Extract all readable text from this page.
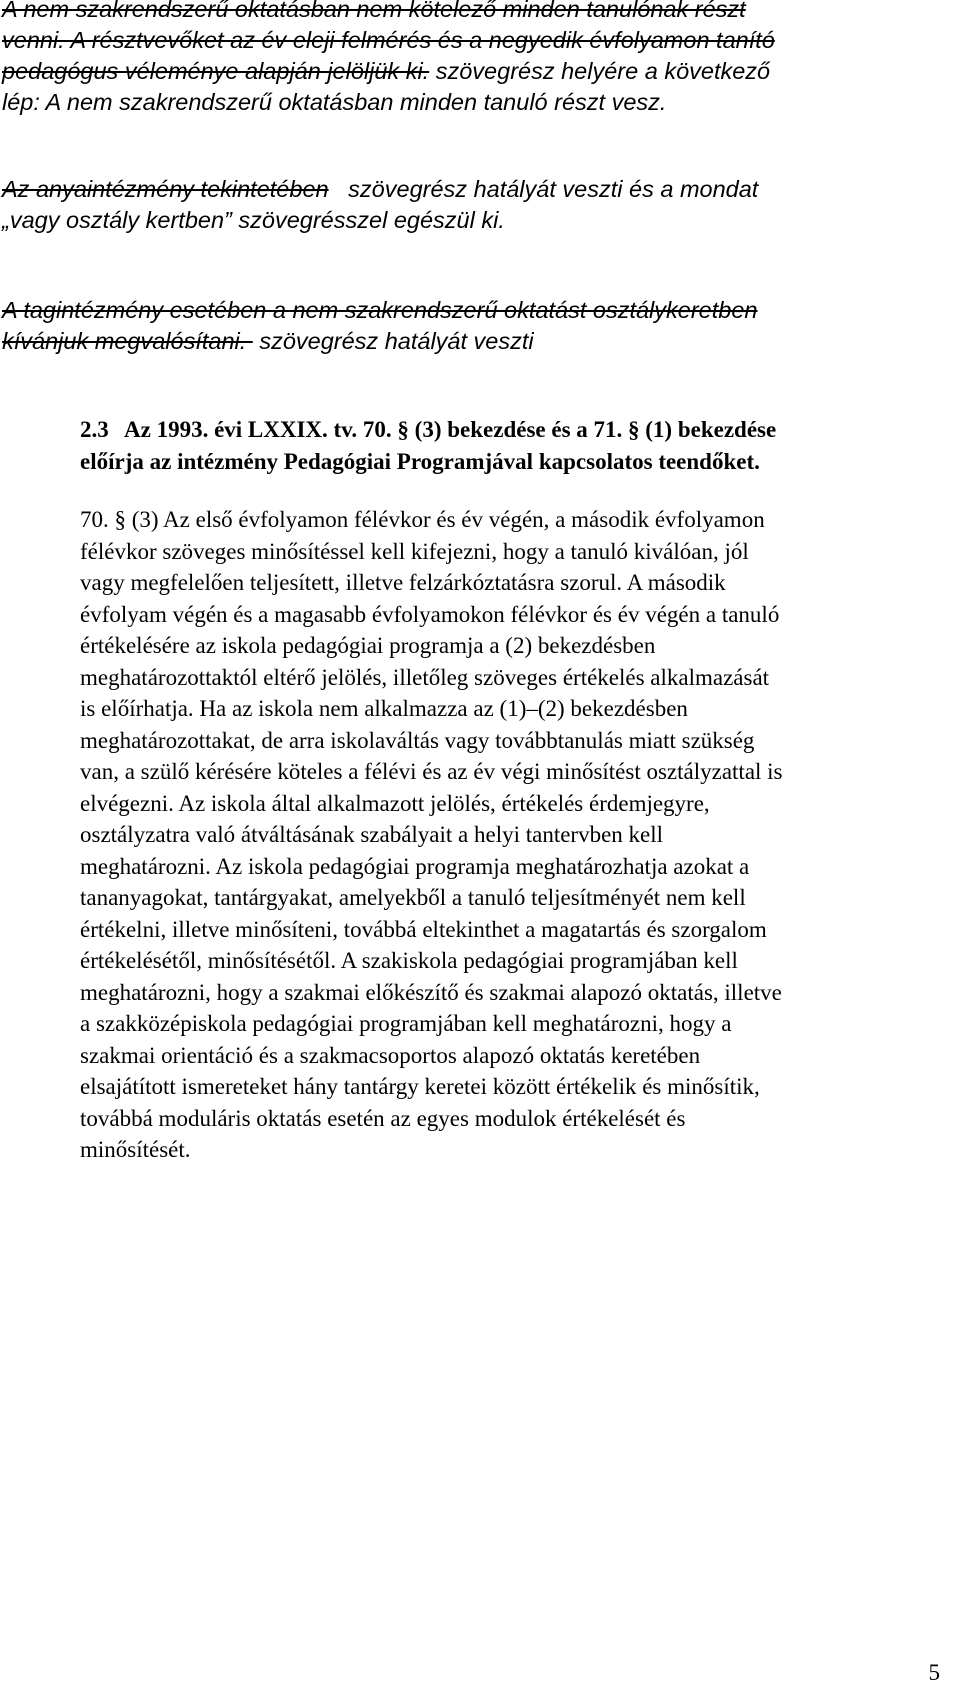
A nem szakrendszerű oktatásban nem kötelező minden tanulónak részt
venni. A résztvevőket az év eleji felmérés és a negyedik évfolyamon tanító
pedagógus véleménye alapján jelöljük ki. szövegrész helyére a következő
lép: A nem szakrendszerű oktatásban minden tanuló részt vesz.
Az anyaintézmény tekintetében   szövegrész hatályát veszti és a mondat
„vagy osztály kertben” szövegrésszel egészül ki.
A tagintézmény esetében a nem szakrendszerű oktatást osztálykeretben
kívánjuk megvalósítani.  szövegrész hatályát veszti
2.3 Az 1993. évi LXXIX. tv. 70. § (3) bekezdése és a 71. § (1) bekezdése
előírja az intézmény Pedagógiai Programjával kapcsolatos teendőket.
70. § (3) Az első évfolyamon félévkor és év végén, a második évfolyamon
félévkor szöveges minősítéssel kell kifejezni, hogy a tanuló kiválóan, jól
vagy megfelelően teljesített, illetve felzárkóztatásra szorul. A második
évfolyam végén és a magasabb évfolyamokon félévkor és év végén a tanuló
értékelésére az iskola pedagógiai programja a (2) bekezdésben
meghatározottaktól eltérő jelölés, illetőleg szöveges értékelés alkalmazását
is előírhatja. Ha az iskola nem alkalmazza az (1)–(2) bekezdésben
meghatározottakat, de arra iskolaváltás vagy továbbtanulás miatt szükség
van, a szülő kérésére köteles a félévi és az év végi minősítést osztályzattal is
elvégezni. Az iskola által alkalmazott jelölés, értékelés érdemjegyre,
osztályzatra való átváltásának szabályait a helyi tantervben kell
meghatározni. Az iskola pedagógiai programja meghatározhatja azokat a
tananyagokat, tantárgyakat, amelyekből a tanuló teljesítményét nem kell
értékelni, illetve minősíteni, továbbá eltekinthet a magatartás és szorgalom
értékelésétől, minősítésétől. A szakiskola pedagógiai programjában kell
meghatározni, hogy a szakmai előkészítő és szakmai alapozó oktatás, illetve
a szakközépiskola pedagógiai programjában kell meghatározni, hogy a
szakmai orientáció és a szakmacsoportos alapozó oktatás keretében
elsajátított ismereteket hány tantárgy keretei között értékelik és minősítik,
továbbá moduláris oktatás esetén az egyes modulok értékelését és
minősítését.
5
